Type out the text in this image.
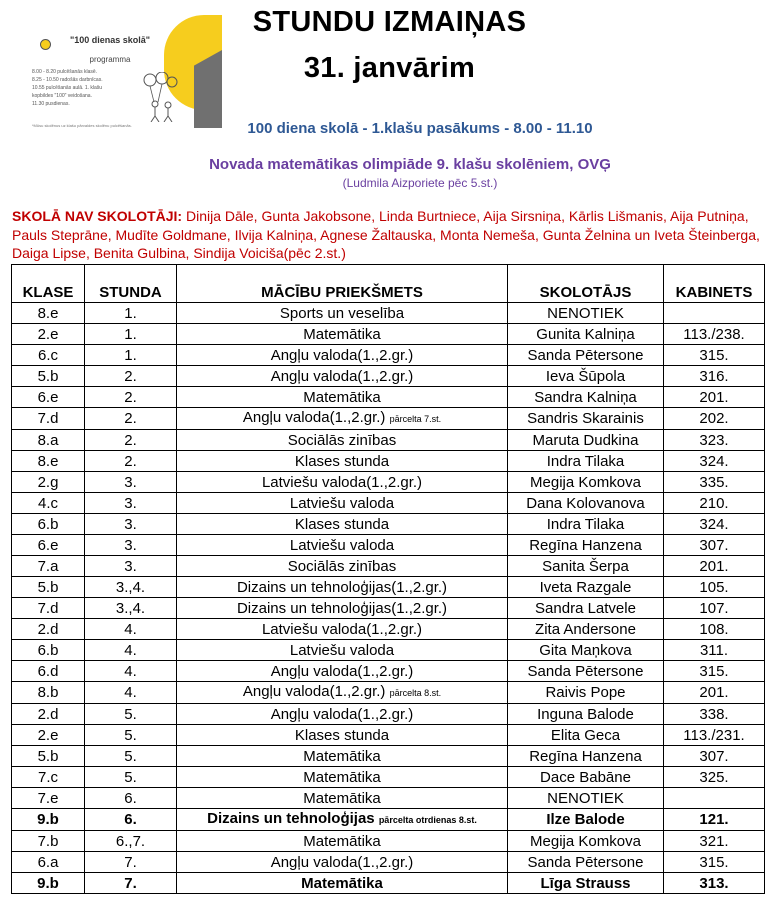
"100 dienas skolā"
programma
8.00 - 8.20 pulcēšanās klasē.
8.25 - 10.50 radošās darbnīcas.
10.55 pulcēšanās aulā. 1. klašu
kopbildes "100" veidošana.
11.30 pusdienas.
*Mūsu skolēnus uz klašu pārvaldes skolēnu pulcēšanās.
STUNDU IZMAIŅAS
31. janvārim
100 diena skolā - 1.klašu pasākums - 8.00 - 11.10
Novada matemātikas olimpiāde 9. klašu skolēniem, OVĢ
(Ludmila Aizporiete pēc 5.st.)
SKOLĀ NAV SKOLOTĀJI: Dinija Dāle, Gunta Jakobsone, Linda Burtniece, Aija Sirsniņa, Kārlis Lišmanis, Aija Putniņa, Pauls Steprāne, Mudīte Goldmane, Ilvija Kalniņa, Agnese Žaltauska, Monta Nemeša, Gunta Želnina un Iveta Šteinberga, Daiga Lipse, Benita Gulbina, Sindija Voiciša(pēc 2.st.)
KLASE	STUNDA	MĀCĪBU PRIEKŠMETS	SKOLOTĀJS	KABINETS
8.e	1.	Sports un veselība	NENOTIEK	
2.e	1.	Matemātika	Gunita Kalniņa	113./238.
6.c	1.	Angļu valoda(1.,2.gr.)	Sanda Pētersone	315.
5.b	2.	Angļu valoda(1.,2.gr.)	Ieva Šūpola	316.
6.e	2.	Matemātika	Sandra Kalniņa	201.
7.d	2.	Angļu valoda(1.,2.gr.) pārcelta 7.st.	Sandris Skarainis	202.
8.a	2.	Sociālās zinības	Maruta Dudkina	323.
8.e	2.	Klases stunda	Indra Tilaka	324.
2.g	3.	Latviešu valoda(1.,2.gr.)	Megija Komkova	335.
4.c	3.	Latviešu valoda	Dana Kolovanova	210.
6.b	3.	Klases stunda	Indra Tilaka	324.
6.e	3.	Latviešu valoda	Regīna Hanzena	307.
7.a	3.	Sociālās zinības	Sanita Šerpa	201.
5.b	3.,4.	Dizains un tehnoloģijas(1.,2.gr.)	Iveta Razgale	105.
7.d	3.,4.	Dizains un tehnoloģijas(1.,2.gr.)	Sandra Latvele	107.
2.d	4.	Latviešu valoda(1.,2.gr.)	Zita Andersone	108.
6.b	4.	Latviešu valoda	Gita Maņkova	311.
6.d	4.	Angļu valoda(1.,2.gr.)	Sanda Pētersone	315.
8.b	4.	Angļu valoda(1.,2.gr.) pārcelta 8.st.	Raivis Pope	201.
2.d	5.	Angļu valoda(1.,2.gr.)	Inguna Balode	338.
2.e	5.	Klases stunda	Elita Geca	113./231.
5.b	5.	Matemātika	Regīna Hanzena	307.
7.c	5.	Matemātika	Dace Babāne	325.
7.e	6.	Matemātika	NENOTIEK	
9.b	6.	Dizains un tehnoloģijas pārcelta otrdienas 8.st.	Ilze Balode	121.
7.b	6.,7.	Matemātika	Megija Komkova	321.
6.a	7.	Angļu valoda(1.,2.gr.)	Sanda Pētersone	315.
9.b	7.	Matemātika	Līga Strauss	313.
